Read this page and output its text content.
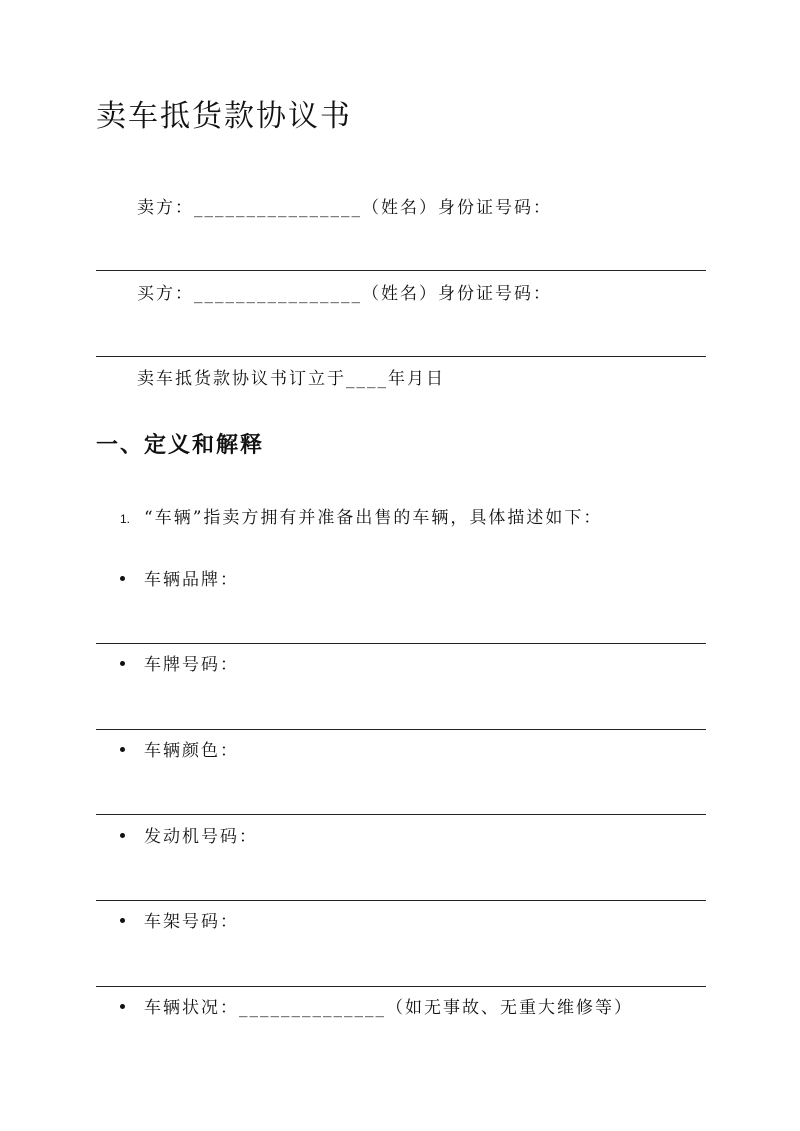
卖车抵货款协议书
卖方：________________（姓名）身份证号码：
买方：________________（姓名）身份证号码：
卖车抵货款协议书订立于____年月日
一、定义和解释
1. “车辆”指卖方拥有并准备出售的车辆，具体描述如下：
车辆品牌：
车牌号码：
车辆颜色：
发动机号码：
车架号码：
车辆状况：______________（如无事故、无重大维修等）
